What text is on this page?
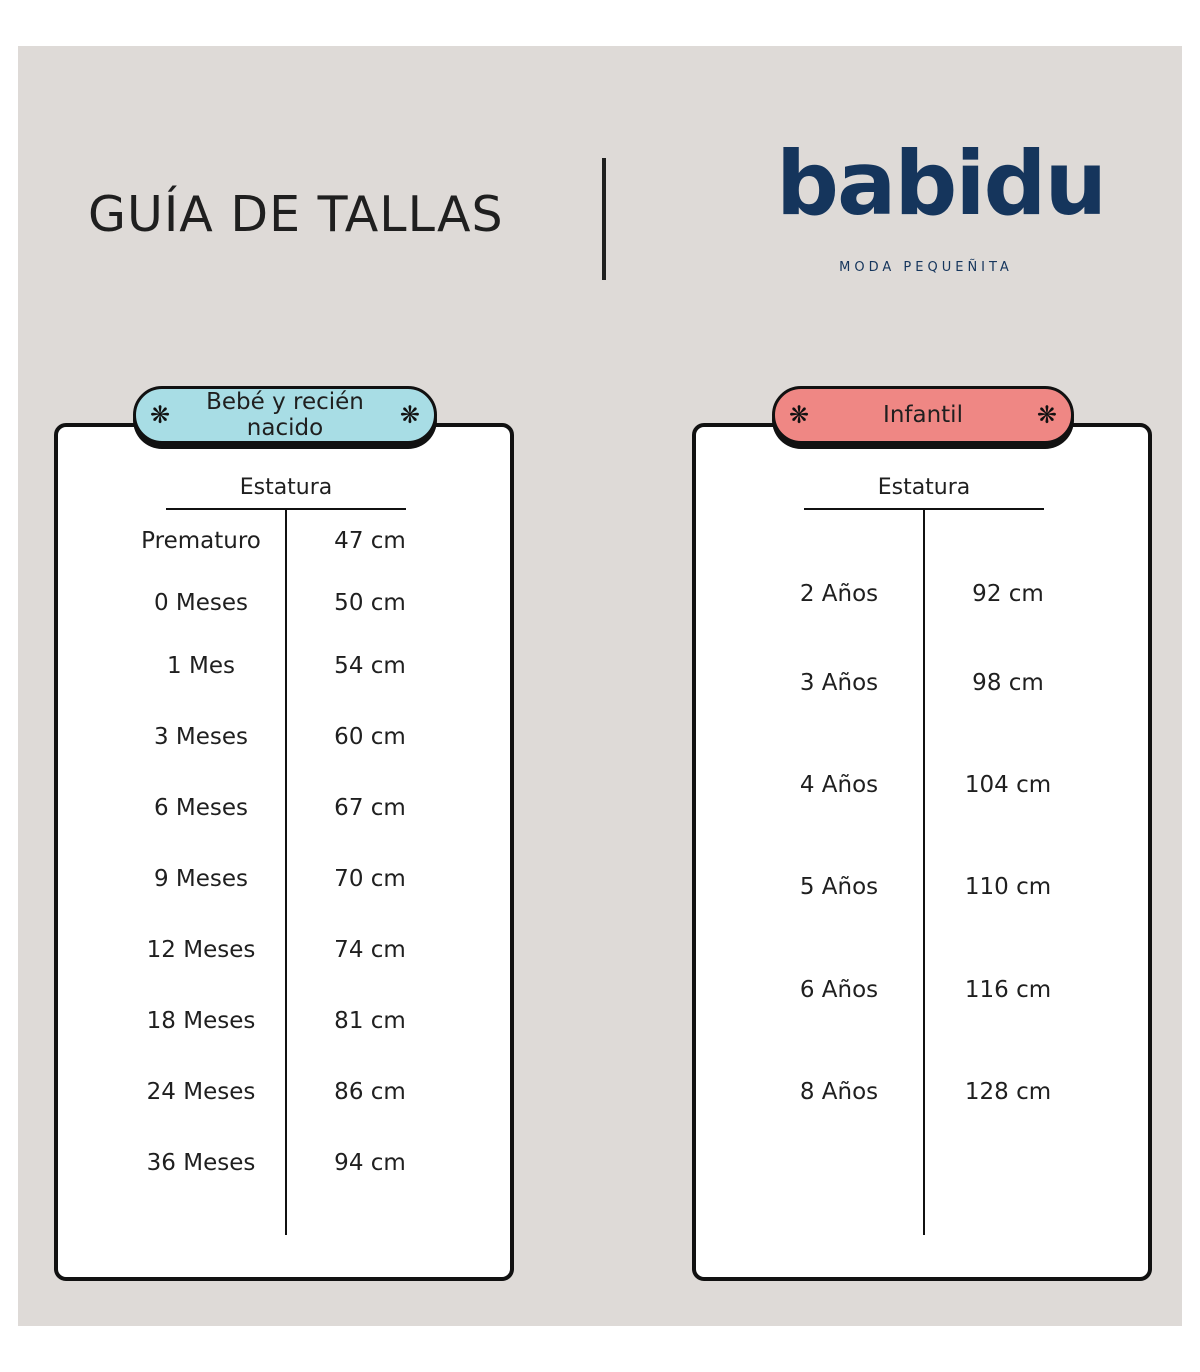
GUÍA DE TALLAS	babidu
MODA PEQUEÑITA
❋	Bebé y recién nacido	❋
Estatura
Prematuro	47 cm
0 Meses	50 cm
1 Mes	54 cm
3 Meses	60 cm
6 Meses	67 cm
9 Meses	70 cm
12 Meses	74 cm
18 Meses	81 cm
24 Meses	86 cm
36 Meses	94 cm
❋	Infantil	❋
Estatura
2 Años	92 cm
3 Años	98 cm
4 Años	104 cm
5 Años	110 cm
6 Años	116 cm
8 Años	128 cm
